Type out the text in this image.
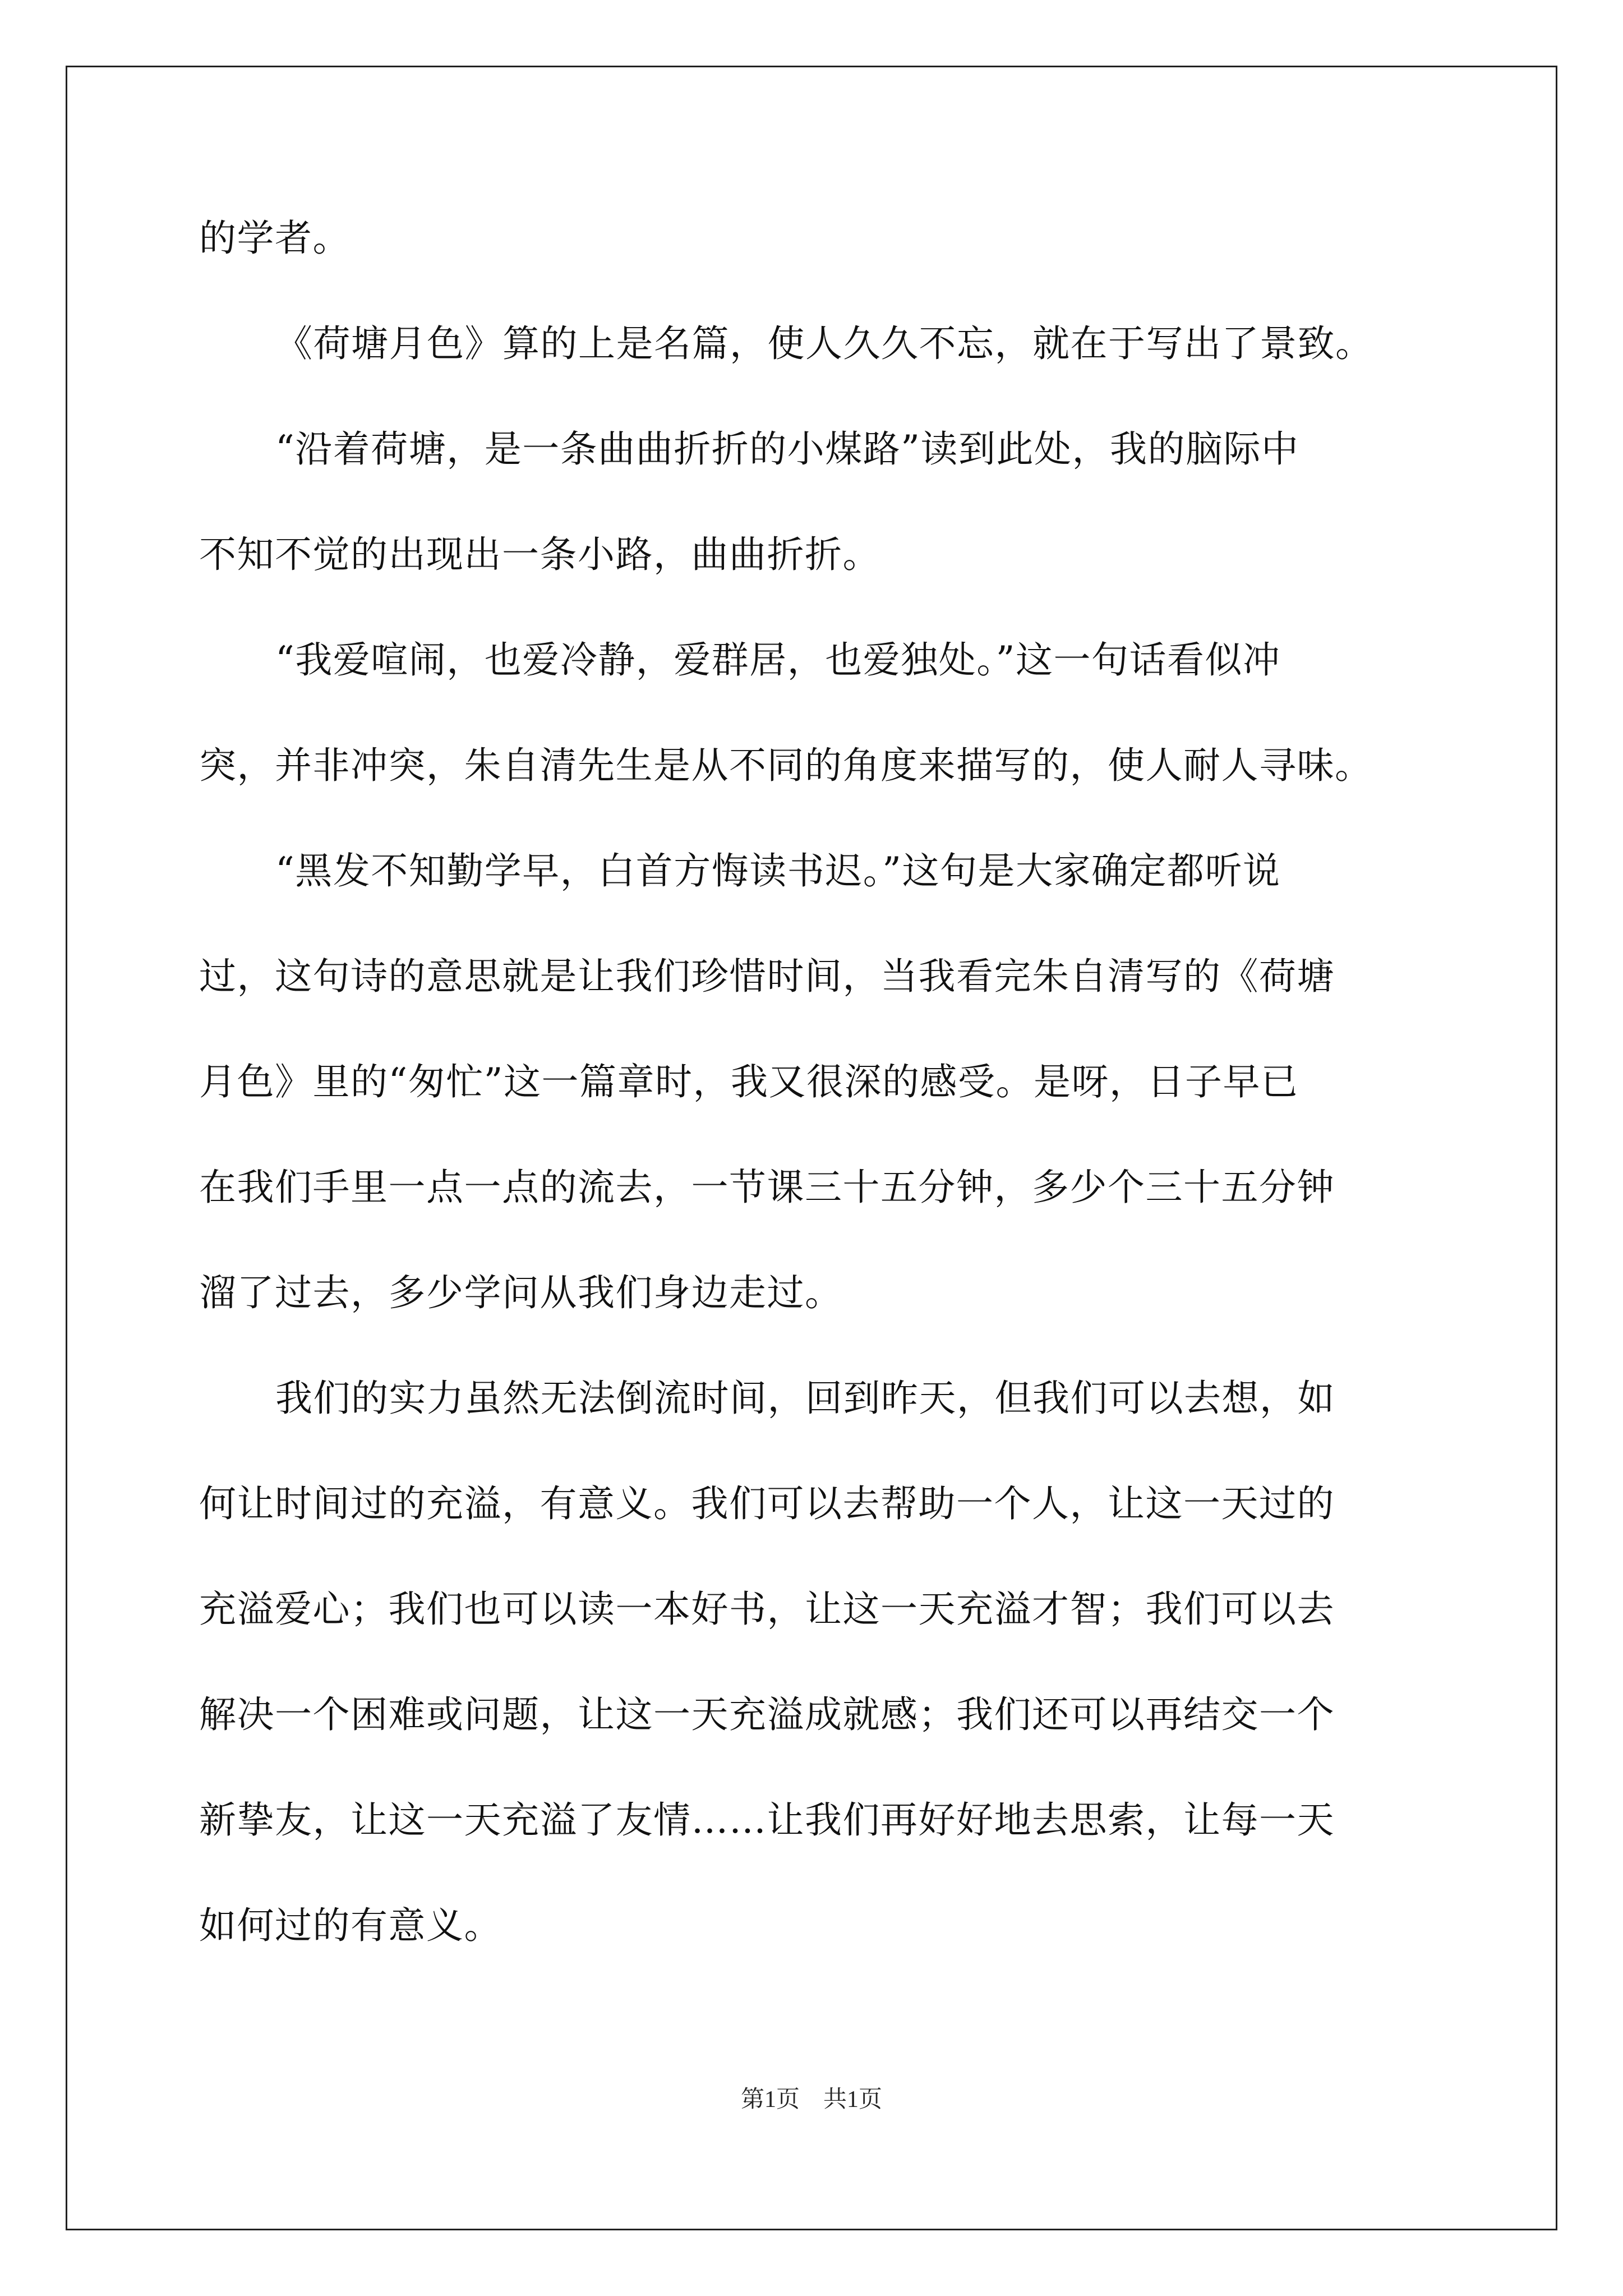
的学者。
《荷塘月色》算的上是名篇，使人久久不忘，就在于写出了景致。
“沿着荷塘，是一条曲曲折折的小煤路”读到此处，我的脑际中
不知不觉的出现出一条小路，曲曲折折。
“我爱喧闹，也爱冷静，爱群居，也爱独处。”这一句话看似冲
突，并非冲突，朱自清先生是从不同的角度来描写的，使人耐人寻味。
“黑发不知勤学早，白首方悔读书迟。”这句是大家确定都听说
过，这句诗的意思就是让我们珍惜时间，当我看完朱自清写的《荷塘
月色》里的“匆忙”这一篇章时，我又很深的感受。是呀，日子早已
在我们手里一点一点的流去，一节课三十五分钟，多少个三十五分钟
溜了过去，多少学问从我们身边走过。
我们的实力虽然无法倒流时间，回到昨天，但我们可以去想，如
何让时间过的充溢，有意义。我们可以去帮助一个人，让这一天过的
充溢爱心；我们也可以读一本好书，让这一天充溢才智；我们可以去
解决一个困难或问题，让这一天充溢成就感；我们还可以再结交一个
新挚友，让这一天充溢了友情……让我们再好好地去思索，让每一天
如何过的有意义。
第1页　共1页
